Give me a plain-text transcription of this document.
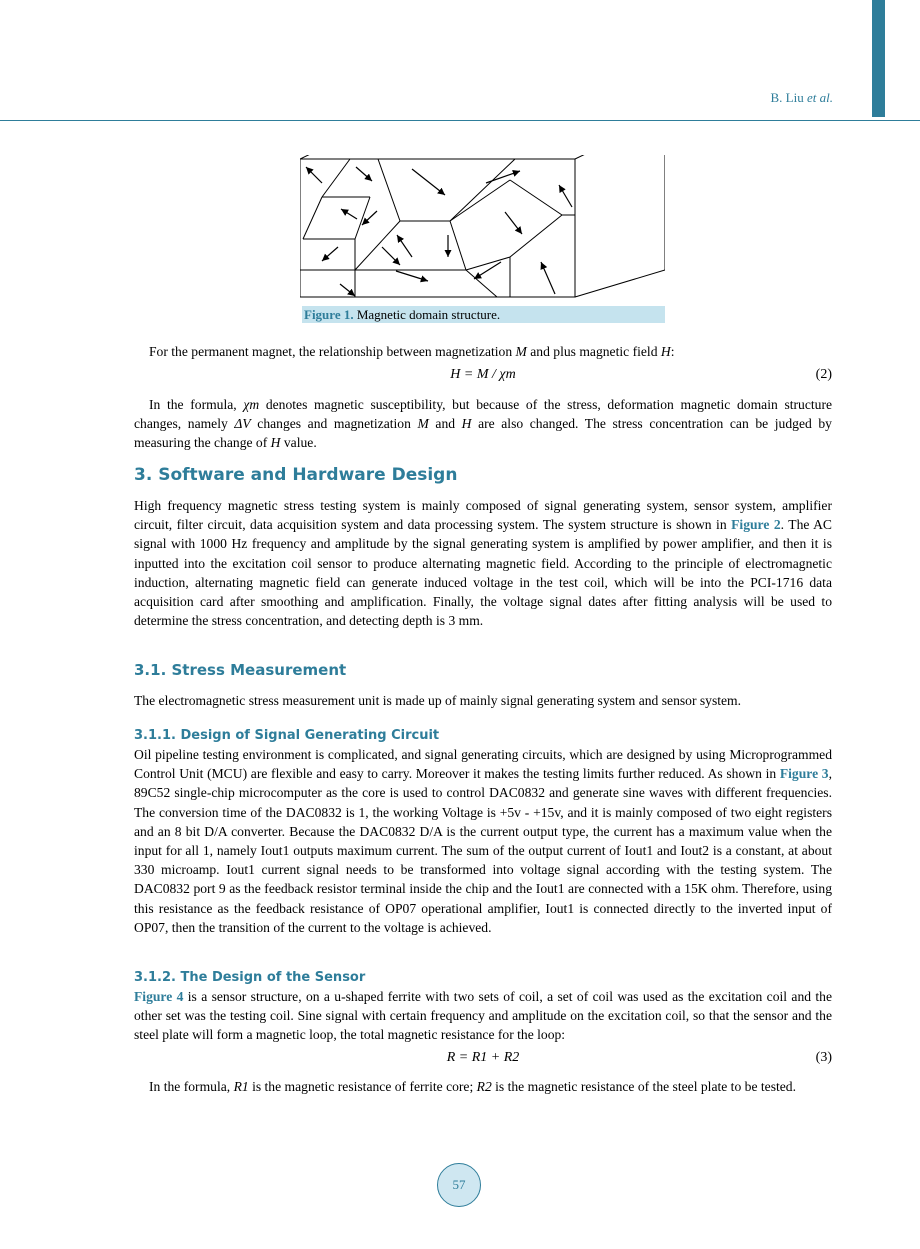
B. Liu et al.
Figure 1. Magnetic domain structure.
For the permanent magnet, the relationship between magnetization M and plus magnetic field H:
H = M / χm	(2)
In the formula, χm denotes magnetic susceptibility, but because of the stress, deformation magnetic domain structure changes, namely ΔV changes and magnetization M and H are also changed. The stress concentration can be judged by measuring the change of H value.
3. Software and Hardware Design
High frequency magnetic stress testing system is mainly composed of signal generating system, sensor system, amplifier circuit, filter circuit, data acquisition system and data processing system. The system structure is shown in Figure 2. The AC signal with 1000 Hz frequency and amplitude by the signal generating system is amplified by power amplifier, and then it is inputted into the excitation coil sensor to produce alternating magnetic field. According to the principle of electromagnetic induction, alternating magnetic field can generate induced voltage in the test coil, which will be into the PCI-1716 data acquisition card after smoothing and amplification. Finally, the voltage signal dates after fitting analysis will be used to determine the stress concentration, and detecting depth is 3 mm.
3.1. Stress Measurement
The electromagnetic stress measurement unit is made up of mainly signal generating system and sensor system.
3.1.1. Design of Signal Generating Circuit
Oil pipeline testing environment is complicated, and signal generating circuits, which are designed by using Microprogrammed Control Unit (MCU) are flexible and easy to carry. Moreover it makes the testing limits further reduced. As shown in Figure 3, 89C52 single-chip microcomputer as the core is used to control DAC0832 and generate sine waves with different frequencies. The conversion time of the DAC0832 is 1, the working Voltage is +5v - +15v, and it is mainly composed of two eight registers and an 8 bit D/A converter. Because the DAC0832 D/A is the current output type, the current has a maximum value when the input for all 1, namely Iout1 outputs maximum current. The sum of the output current of Iout1 and Iout2 is a constant, at about 330 microamp. Iout1 current signal needs to be transformed into voltage signal according with the testing system. The DAC0832 port 9 as the feedback resistor terminal inside the chip and the Iout1 are connected with a 15K ohm. Therefore, using this resistance as the feedback resistance of OP07 operational amplifier, Iout1 is connected directly to the inverted input of OP07, then the transition of the current to the voltage is achieved.
3.1.2. The Design of the Sensor
Figure 4 is a sensor structure, on a u-shaped ferrite with two sets of coil, a set of coil was used as the excitation coil and the other set was the testing coil. Sine signal with certain frequency and amplitude on the excitation coil, so that the sensor and the steel plate will form a magnetic loop, the total magnetic resistance for the loop:
R = R1 + R2	(3)
In the formula, R1 is the magnetic resistance of ferrite core; R2 is the magnetic resistance of the steel plate to be tested.
57
